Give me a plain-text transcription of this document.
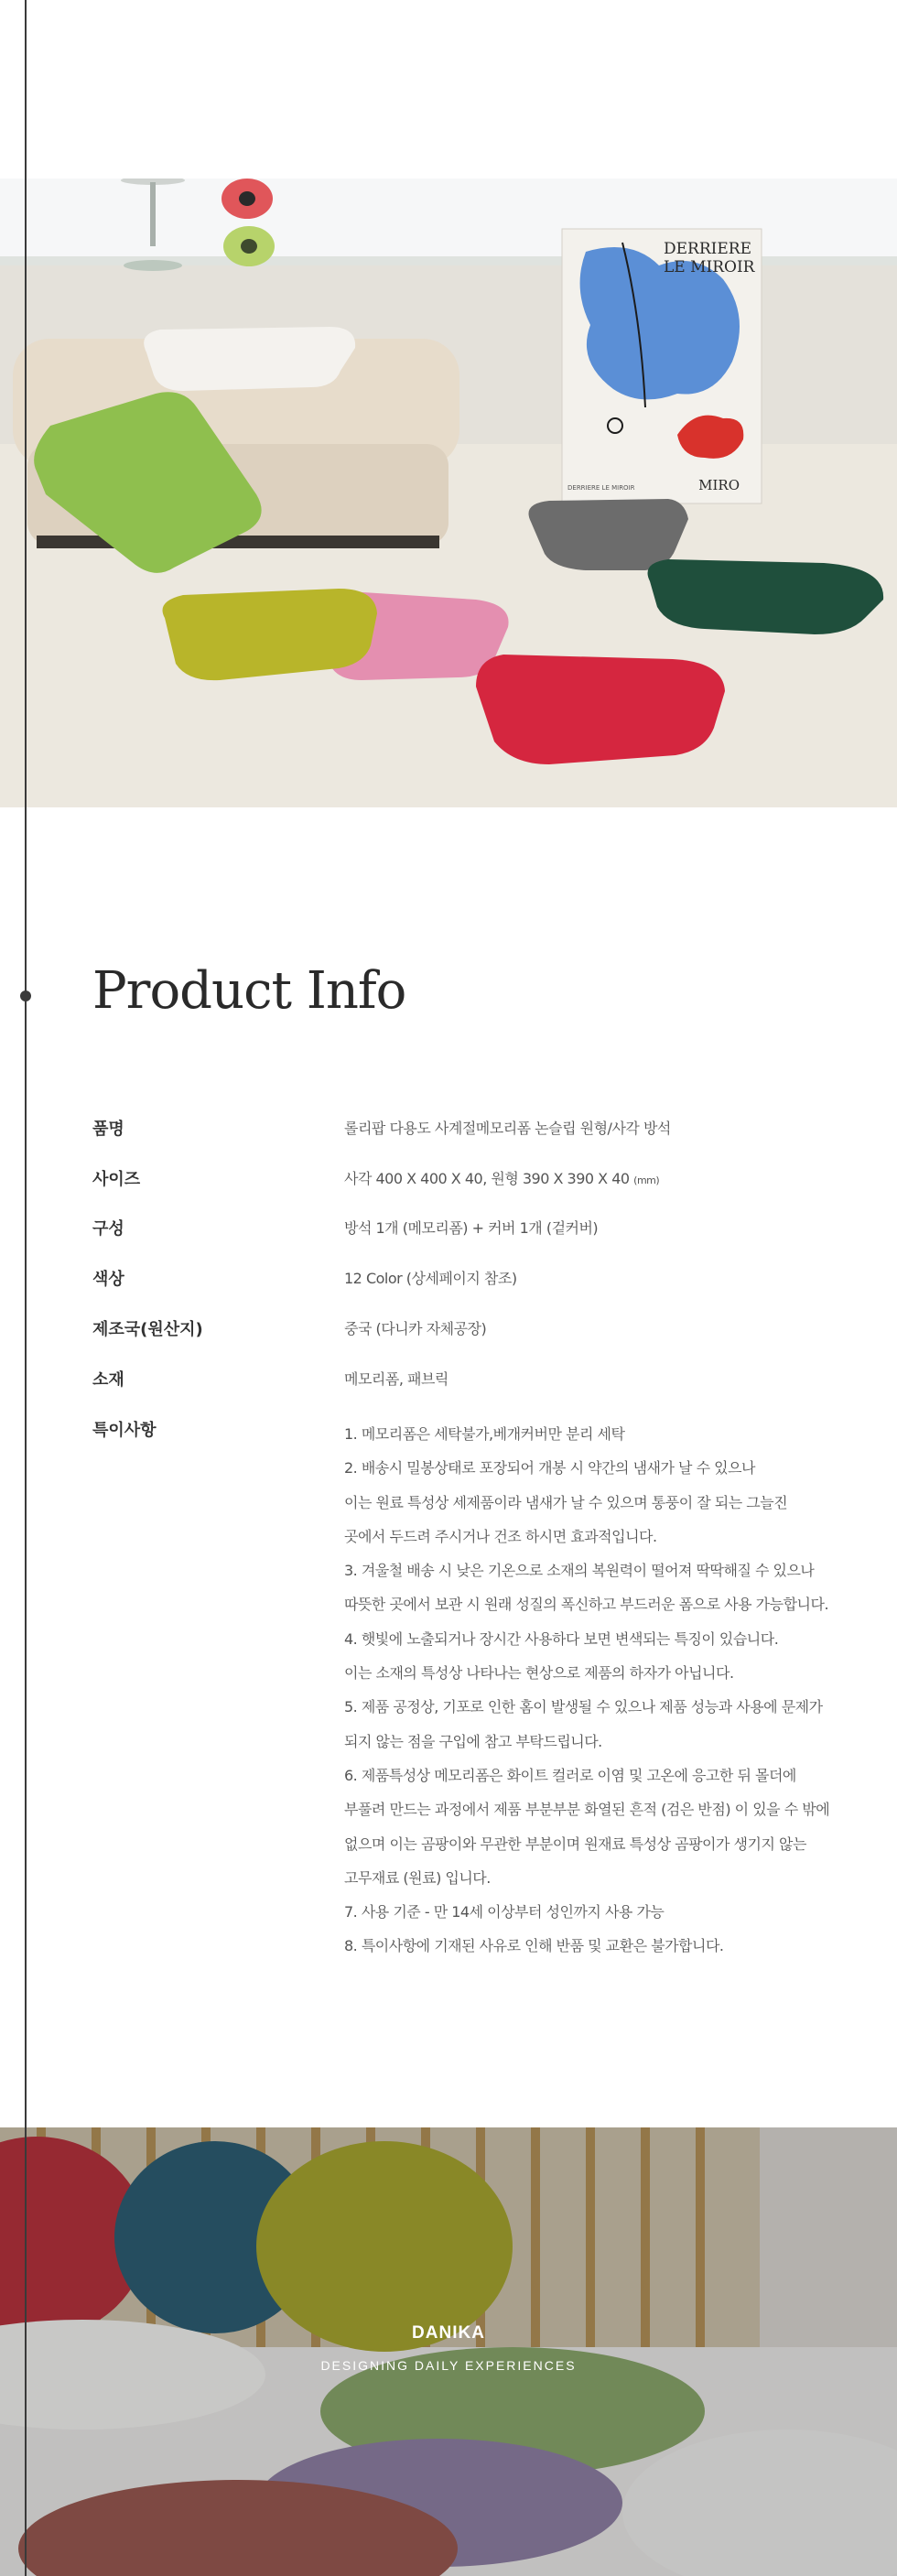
DERRIERE
LE MIROIR
MIRO
DERRIERE LE MIROIR
Product Info
품명	롤리팝 다용도 사계절메모리폼 논슬립 원형/사각 방석
사이즈	사각 400 X 400 X 40, 원형 390 X 390 X 40 (mm)
구성	방석 1개 (메모리폼) + 커버 1개 (겉커버)
색상	12 Color (상세페이지 참조)
제조국(원산지)	중국 (다니카 자체공장)
소재	메모리폼, 패브릭
특이사항	1. 메모리폼은 세탁불가,베개커버만 분리 세탁
2. 배송시 밀봉상태로 포장되어 개봉 시 약간의 냄새가 날 수 있으나
이는 원료 특성상 세제품이라 냄새가 날 수 있으며 통풍이 잘 되는 그늘진
곳에서 두드려 주시거나 건조 하시면 효과적입니다.
3. 겨울철 배송 시 낮은 기온으로 소재의 복원력이 떨어져 딱딱해질 수 있으나
따뜻한 곳에서 보관 시 원래 성질의 폭신하고 부드러운 폼으로 사용 가능합니다.
4. 햇빛에 노출되거나 장시간 사용하다 보면 변색되는 특징이 있습니다.
이는 소재의 특성상 나타나는 현상으로 제품의 하자가 아닙니다.
5. 제품 공정상, 기포로 인한 홈이 발생될 수 있으나 제품 성능과 사용에 문제가
되지 않는 점을 구입에 참고 부탁드립니다.
6. 제품특성상 메모리폼은 화이트 컬러로 이염 및 고온에 응고한 뒤 몰더에
부풀려 만드는 과정에서 제품 부분부분 화열된 흔적 (검은 반점) 이 있을 수 밖에
없으며 이는 곰팡이와 무관한 부분이며 원재료 특성상 곰팡이가 생기지 않는
고무재료 (원료) 입니다.
7. 사용 기준 - 만 14세 이상부터 성인까지 사용 가능
8. 특이사항에 기재된 사유로 인해 반품 및 교환은 불가합니다.
DANIKA
DESIGNING DAILY EXPERIENCES
